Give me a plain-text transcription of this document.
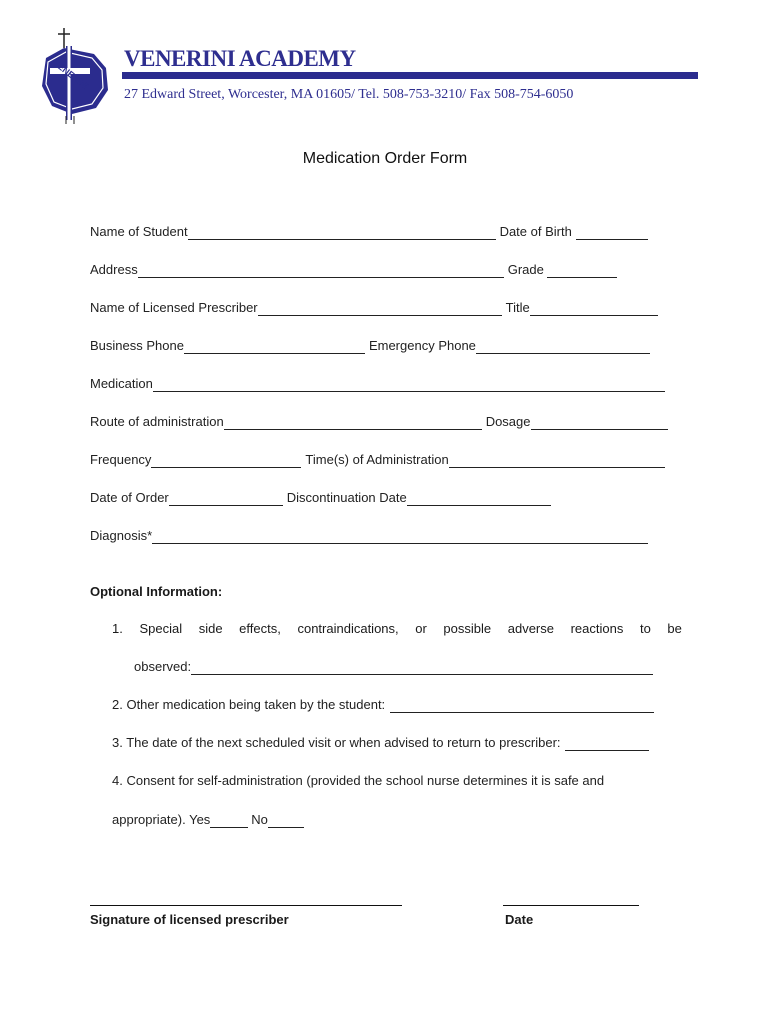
VENERINI VENERINI ACADEMY
27 Edward Street, Worcester, MA 01605/ Tel. 508-753-3210/ Fax 508-754-6050
Medication Order Form
Name of Student	Date of Birth
Address	Grade
Name of Licensed Prescriber	Title
Business Phone	Emergency Phone
Medication
Route of administration	Dosage
Frequency	Time(s) of Administration
Date of Order	Discontinuation Date
Diagnosis*
Optional Information:
1. Special side effects, contraindications, or possible adverse reactions to be
observed:
2. Other medication being taken by the student:
3. The date of the next scheduled visit or when advised to return to prescriber:
4. Consent for self-administration (provided the school nurse determines it is safe and
appropriate). Yes	No
Signature of licensed prescriber	Date
